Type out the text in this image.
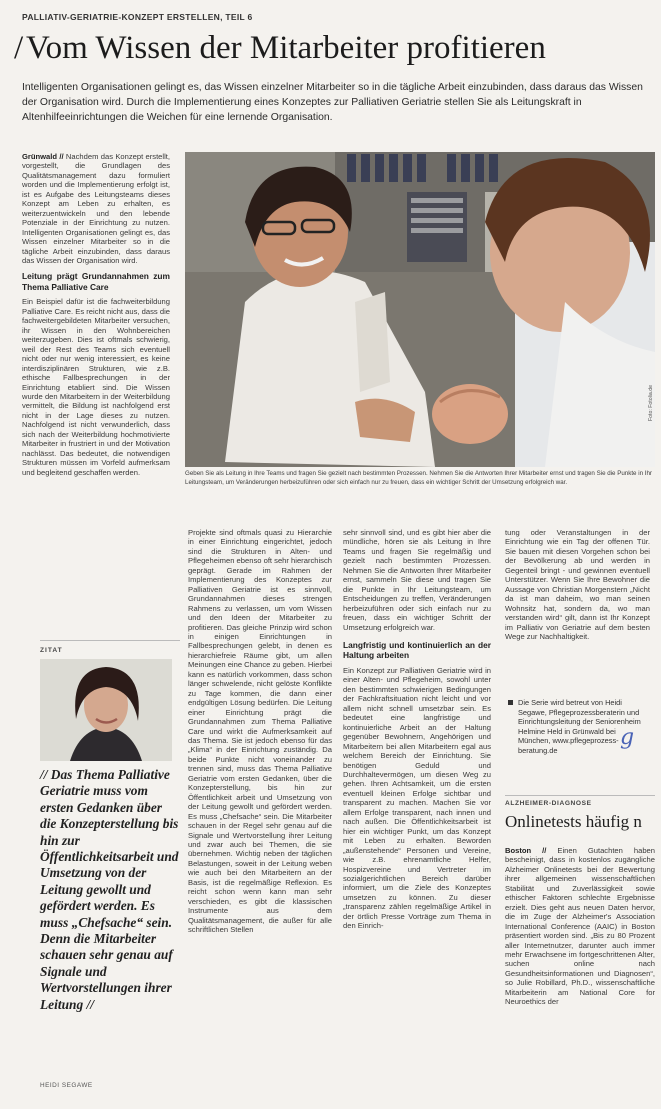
PALLIATIV-GERIATRIE-KONZEPT ERSTELLEN, TEIL 6
/Vom Wissen der Mitarbeiter profitieren
Intelligenten Organisationen gelingt es, das Wissen einzelner Mitarbeiter so in die tägliche Arbeit einzubinden, dass daraus das Wissen der Organisation wird. Durch die Implementierung eines Konzeptes zur Palliativen Geriatrie stellen Sie als Leitungskraft in Altenhilfeeinrichtungen die Weichen für eine lernende Organisation.

Grünwald // Nachdem das Konzept erstellt, vorgestellt, die Grundlagen des Qualitätsmanagement dazu formuliert worden und die Implementierung erfolgt ist, ist es Aufgabe des Leitungsteams dieses Konzept am Leben zu erhalten, es weiterzuentwickeln und den lebende Potenziale in der Einrichtung zu nutzen. Intelligenten Organisationen gelingt es, das Wissen einzelner Mitarbeiter so in die tägliche Arbeit einzubinden, dass daraus das Wissen der Organisation wird.

Leitung prägt Grundannahmen zum Thema Palliative Care

Ein Beispiel dafür ist die fachweiterbildung Palliative Care. Es reicht nicht aus, dass die fachweitergebildeten Mitarbeiter versuchen, ihr Wissen in den Wohnbereichen weiterzugeben. Dies ist oftmals schwierig, weil der Rest des Teams sich eventuell nicht oder nur wenig interessiert, es keine interdisziplinären Strukturen, wie z.B. ethische Fallbesprechungen in der Einrichtung etabliert sind. Die Wissen wurde den Mitarbeitern in der Weiterbildung vermittelt, die Bildung ist nachfolgend erst nicht in der Lage dieses zu nutzen. Nachfolgend ist nicht verwunderlich, dass sich nach der Weiterbildung hochmotivierte Mitarbeiter in frustriert in und der Motivation nachlässt. Das bedeutet, die notwendigen Strukturen müssen im Vorfeld aufmerksam und begleitend geschaffen werden.

Foto: Fotolia.de
Geben Sie als Leitung in Ihre Teams und fragen Sie gezielt nach bestimmten Prozessen. Nehmen Sie die Antworten Ihrer Mitarbeiter ernst und tragen Sie die Punkte in Ihr Leitungsteam, um Veränderungen herbeizuführen oder sich einfach nur zu freuen, dass ein wichtiger Schritt der Umsetzung erfolgreich war.

Projekte sind oftmals quasi zu Hierarchie in einer Einrichtung eingerichtet, jedoch sind die Strukturen in Alten- und Pflegeheimen ebenso oft sehr hierarchisch geprägt. Gerade im Rahmen der Implementierung des Konzeptes zur Palliativen Geriatrie ist es sinnvoll, Grundannahmen dieses strengen Rahmens zu verlassen, um vom Wissen und den Ideen der Mitarbeiter zu profitieren. Das gleiche Prinzip wird schon in einigen Einrichtungen in Fallbesprechungen gelebt, in denen es hierarchiefreie Räume gibt, um allen Meinungen eine Chance zu geben. Hierbei kann es natürlich vorkommen, dass schon länger schwelende, nicht gelöste Konflikte zu Tage kommen, die dann einer endgültigen Lösung bedürfen. Die Leitung einer Einrichtung prägt die Grundannahmen zum Thema Palliative Care und wirkt die Aufmerksamkeit auf das Thema. Sie ist jedoch ebenso für das „Klima“ in der Einrichtung zuständig. Da beide Punkte nicht voneinander zu trennen sind, muss das Thema Palliative Geriatrie vom ersten Gedanken, über die Konzepterstellung, bis hin zur Öffentlichkeit arbeit und Umsetzung von der Leitung gewollt und gefördert werden. Es muss „Chefsache“ sein. Die Mitarbeiter schauen in der Regel sehr genau auf die Signale und Wertvorstellung ihrer Leitung und zwar auch bei Themen, die sie übernehmen. Wichtig neben der täglichen Belastungen, soweit in der Leitung weben wie auch bei den Mitarbeitern an der Basis, ist die regelmäßige Reflexion. Es reicht schon wenn kann man sehr verschieden, es gibt die klassischen Instrumente aus dem Qualitätsmanagement, die außer für alle schriftlichen Stellen

sehr sinnvoll sind, und es gibt hier aber die mündliche, hören sie als Leitung in Ihre Teams und fragen Sie regelmäßig und gezielt nach bestimmten Prozessen. Nehmen Sie die Antworten Ihrer Mitarbeiter ernst, sammeln Sie diese und tragen Sie die Punkte in Ihr Leitungsteam, um Entscheidungen zu treffen, Veränderungen herbeizuführen oder sich einfach nur zu freuen, dass ein wichtiger Schritt der Umsetzung erfolgreich war.

Langfristig und kontinuierlich an der Haltung arbeiten

Ein Konzept zur Palliativen Geriatrie wird in einer Alten- und Pflegeheim, sowohl unter den bestimmten schwierigen Bedingungen der Fachkraftsituation nicht leicht und vor allem nicht schnell umsetzbar sein. Es bedeutet eine langfristige und kontinuierliche Arbeit an der Haltung gegenüber Bewohnern, Angehörigen und Mitarbeitern bei allen Mitarbeitern egal aus welchem Bereich der Einrichtung. Sie benötigen Geduld und Durchhaltevermögen, um diesen Weg zu gehen. Ihren Achtsamkeit, um die ersten eventuell kleinen Erfolge sichtbar und transparent zu machen. Machen Sie vor allem Erfolge transparent, nach innen und nach außen. Die Öffentlichkeitsarbeit ist hier ein wichtiger Punkt, um das Konzept mit Leben zu erhalten. Beworden „außenstehende“ Personen und Vereine, wie z.B. ehrenamtliche Helfer, Hospizvereine und Vertreter im sozialgerichtlichen Bereich darüber informiert, um die Ziele des Konzeptes umsetzen zu können. Zu dieser „transparenz zählen regelmäßige Artikel in der örtlich Presse Vorträge zum Thema in den Einrich-

tung oder Veranstaltungen in der Einrichtung wie ein Tag der offenen Tür. Sie bauen mit diesen Vorgehen schon bei der Bevölkerung ab und werden in Gegenteil bringt - und gewinnen eventuell Unterstützer. Wenn Sie Ihre Bewohner die Aussage von Christian Morgenstern „Nicht da ist man daheim, wo man seinen Wohnsitz hat, sondern da, wo man verstanden wird“ gilt, dann ist Ihr Konzept im Palliativ von Geriatrie auf dem besten Wege zur Nachhaltigkeit.

Die Serie wird betreut von Heidi Segawe, Pflegeprozessberaterin und Einrichtungsleitung der Seniorenheim Helmine Held in Grünwald bei München, www.pflegeprozess-beratung.de	g
ALZHEIMER-DIAGNOSE
Onlinetests häufig n

Boston // Einen Gutachten haben bescheinigt, dass in kostenlos zugängliche Alzheimer Onlinetests bei der Bewertung ihrer allgemeinen wissenschaftlichen Stabilität und Zuverlässigkeit sowie ethischer Faktoren schlechte Ergebnisse erzielt. Dies geht aus neuen Daten hervor, die im Zuge der Alzheimer's Association International Conference (AAIC) in Boston präsentiert worden sind. „Bis zu 80 Prozent aller Internetnutzer, darunter auch immer mehr Erwachsene im fortgeschrittenen Alter, suchen online nach Gesundheitsinformationen und Diagnosen“, so Julie Robillard, Ph.D., wissenschaftliche Mitarbeiterin am National Core for Neuroethics der

ZITAT
// Das Thema Palliative Geriatrie muss vom ersten Gedanken über die Konzepterstellung bis hin zur Öffentlichkeitsarbeit und Umsetzung von der Leitung gewollt und gefördert werden. Es muss „Chefsache“ sein. Denn die Mitarbeiter schauen sehr genau auf Signale und Wertvorstellungen ihrer Leitung //
HEIDI SEGAWE
